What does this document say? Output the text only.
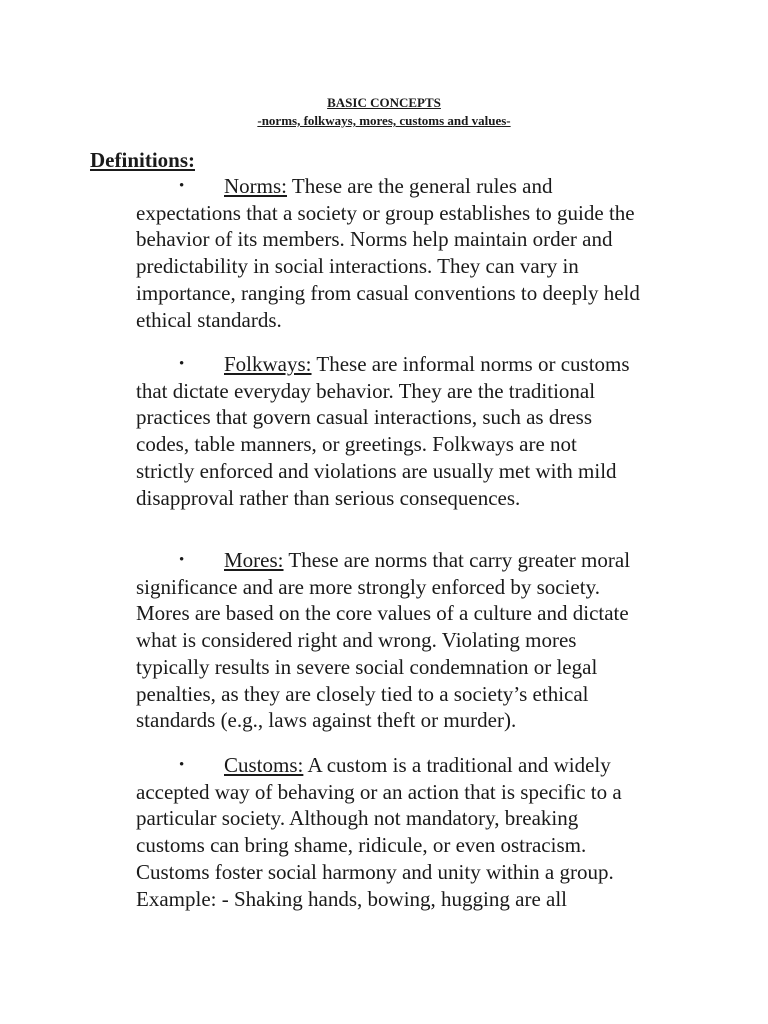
BASIC CONCEPTS
-norms, folkways, mores, customs and values-
Definitions:
• Norms: These are the general rules and
expectations that a society or group establishes to guide the
behavior of its members. Norms help maintain order and
predictability in social interactions. They can vary in
importance, ranging from casual conventions to deeply held
ethical standards.
• Folkways: These are informal norms or customs
that dictate everyday behavior. They are the traditional
practices that govern casual interactions, such as dress
codes, table manners, or greetings. Folkways are not
strictly enforced and violations are usually met with mild
disapproval rather than serious consequences.
• Mores: These are norms that carry greater moral
significance and are more strongly enforced by society.
Mores are based on the core values of a culture and dictate
what is considered right and wrong. Violating mores
typically results in severe social condemnation or legal
penalties, as they are closely tied to a society’s ethical
standards (e.g., laws against theft or murder).
• Customs: A custom is a traditional and widely
accepted way of behaving or an action that is specific to a
particular society. Although not mandatory, breaking
customs can bring shame, ridicule, or even ostracism.
Customs foster social harmony and unity within a group.
Example: - Shaking hands, bowing, hugging are all
